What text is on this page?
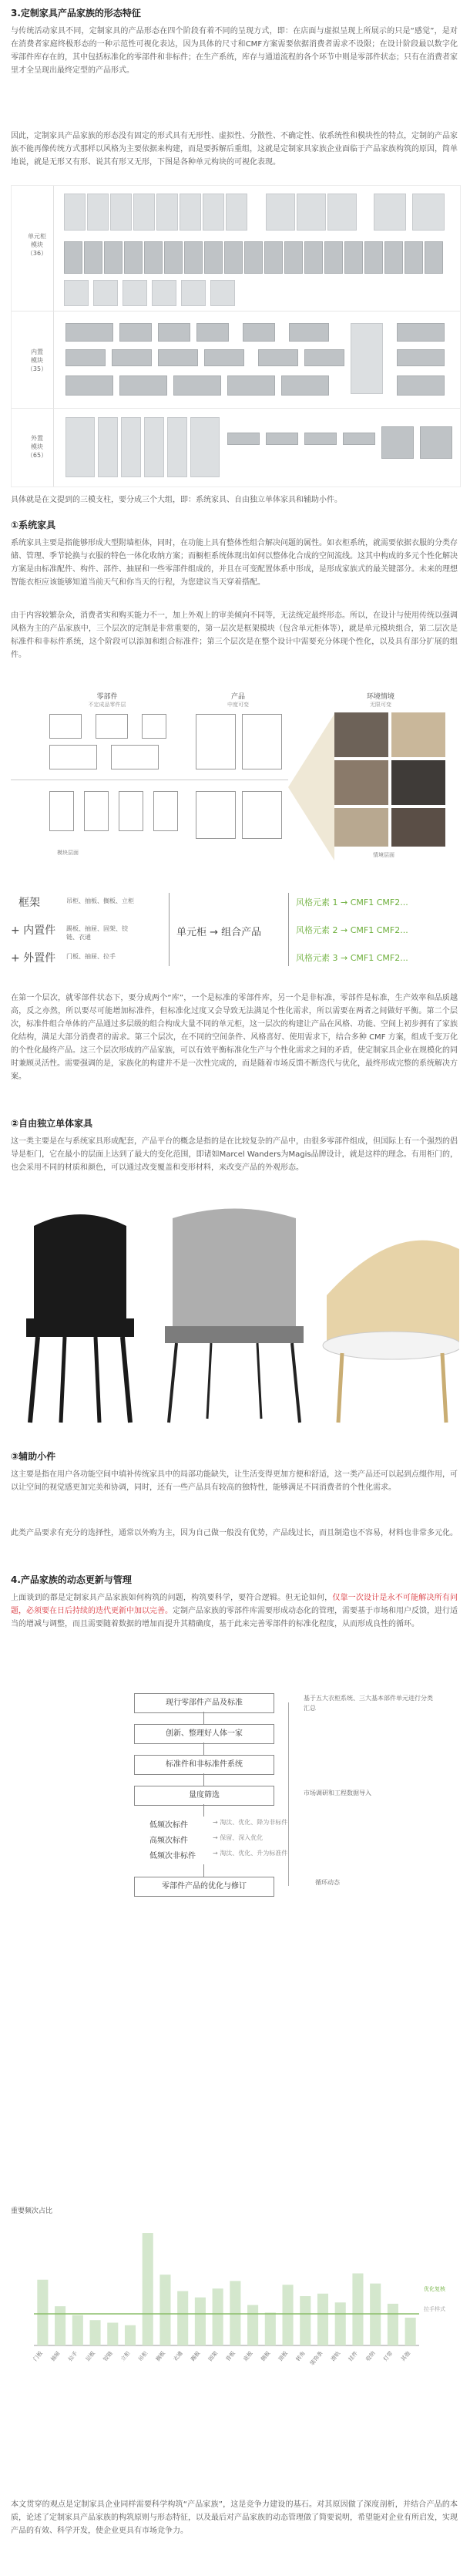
3.定制家具产品家族的形态特征
与传统活动家具不同，定制家具的产品形态在四个阶段有着不同的呈现方式，即：在店面与虚拟呈现上所展示的只是“感觉”，是对在消费者家庭终极形态的一种示范性可视化表达，因为具体的尺寸和CMF方案需要依据消费者需求不设限；在设计阶段最以数字化零部件库存在的，其中包括标准化的零部件和非标件；在生产系统，库存与通道流程的各个环节中则是零部件状态；只有在消费者家里才全呈现出最终定型的产品形式。
因此，定制家具产品家族的形态没有固定的形式具有无形性、虚拟性、分散性、不确定性、依系统性和模块性的特点，定制的产品家族不能再像传统方式那样以风格为主要依据来构建，而是要拆解后重组，这就是定制家具家族企业面临于产品家族构筑的原因，简单地说，就是无形又有形、说其有形又无形，下图是各种单元构块的可视化表现。
单元柜
模块
（36）
内置
模块
（35）
外置
模块
（65）
具体就是在文提到的三模支柱，要分成三个大组，即：系统家具、自由独立单体家具和辅助小件。
①系统家具
系统家具主要是指能够形成大型附墙柜体，同时，在功能上具有整体性组合解决问题的属性。如衣柜系统，就需要依据衣服的分类存储、管理、季节轮换与衣服的特色一体化收纳方案；而橱柜系统体现出如何以整体化合成的空间流线。这其中构成的多元个性化解决方案是由标准配件、构件、部件、抽屉和一些零部件组成的，并且在可变配置体系中形成，是形成家族式的最关键部分。未来的理想智能衣柜应该能够知道当前天气和你当天的行程，为您建议当天穿着搭配。
由于内容较繁杂众，消费者实和购买能力不一，加上外观上的审美倾向不同等，无法统定最终形态。所以，在设计与使用传统以强调风格为主的产品家族中，三个层次的定制是非常重要的，第一层次是框架模块（包含单元柜体等），就是单元模块组合，第二层次是标准件和非标件系统，这个阶段可以添加和组合标准件；第三个层次是在整个设计中需要充分体现个性化，以及具有部分扩展的组件。
零部件
不定成品零件层
产品
中度可变
环境情境
无限可变
模块层面	情境层面
框架
+ 内置件
+ 外置件
吊柜、抽板、搁板、立柜
踢板、抽屉、固架、铰链、衣通
门板、抽屉、拉手
单元柜 → 组合产品
风格元素 1 → CMF1 CMF2...
风格元素 2 → CMF1 CMF2...
风格元素 3 → CMF1 CMF2...
在第一个层次，就零部件状态下，要分成两个“库”，一个是标准的零部件库，另一个是非标准，零部件是标准，生产效率和品质越高，反之亦然，所以要尽可能增加标准件，但标准化过度又会导致无法满足个性化需求，所以需要在两者之间做好平衡。第二个层次，标准件组合单体的产品通过多层级的组合构成大量不同的单元柜，这一层次的构建让产品在风格、功能、空间上初步拥有了家族化结构，满足大部分消费者的需求。第三个层次，在不同的空间条件、风格喜好、使用需求下，结合多种 CMF 方案，组成千变万化的个性化最终产品。这三个层次形成的产品家族，可以有效平衡标准化生产与个性化需求之间的矛盾，使定制家具企业在规模化的同时兼顾灵活性。需要强调的是，家族化的构建并不是一次性完成的，而是随着市场反馈不断迭代与优化，最终形成完整的系统解决方案。
②自由独立单体家具
这一类主要是在与系统家具形成配套，产品平台的概念是指的是在比较复杂的产品中，由很多零部件组成，但国际上有一个强烈的倡导是柜门，它在最小的层面上达到了最大的变化范围，即诸如Marcel Wanders为Magis品牌设计，就是这样的理念。有用柜门的，也会采用不同的材质和颜色，可以通过改变覆盖和变形材料，来改变产品的外观形态。
③辅助小件
这主要是指在用户各功能空间中填补传统家具中的局部功能缺失，让生活变得更加方便和舒适，这一类产品还可以起到点缀作用，可以让空间的视觉感更加完美和协调，同时，还有一些产品具有较高的独特性，能够满足不同消费者的个性化需求。
此类产品要求有充分的选择性，通常以外购为主，因为自己做一般没有优势，产品线过长，而且制造也不容易，材料也非常多元化。
4.产品家族的动态更新与管理
上面谈到的都是定制家具产品家族如何构筑的问题，构筑要科学，要符合逻辑。但无论如何，仅靠一次设计是永不可能解决所有问题，必须要在日后持续的迭代更新中加以完善。定制产品家族的零部件库需要形成动态化的管理，需要基于市场和用户反馈，进行适当的增减与调整，而且需要随着数据的增加而提升其精确度，基于此来完善零部件的标准化程度，从而形成良性的循环。
现行零部件产品及标准
创新、整理好人体一家
标准件和非标准件系统
量度筛选
低频次标件
高频次标件
低频次非标件
→ 淘汰、优化、降为非标件
→ 保留、深入优化
→ 淘汰、优化、升为标准件
零部件产品的优化与修订
基于五大衣柜系统、三大基本部件单元进行分类汇总
市场调研和工程数据导入
循环动态
重要频次占比
门板 抽屉 拉手 层板 铰链 立柜 吊柜 搁板 衣通 踢板 固架 背板 底板 侧板 顶板 转角 装饰条 滑轨 挂件 收纳 灯带 其他
优化复核
拉手样式
本文贯穿的观点是定制家具企业同样需要科学构筑“产品家族”，这是竞争力建设的基石。对其原因做了深度剖析，并结合产品的本质，论述了定制家具产品家族的构筑原则与形态特征，以及最后对产品家族的动态管理做了简要说明，希望能对企业有所启发，实现产品的有效、科学开发，使企业更具有市场竞争力。
